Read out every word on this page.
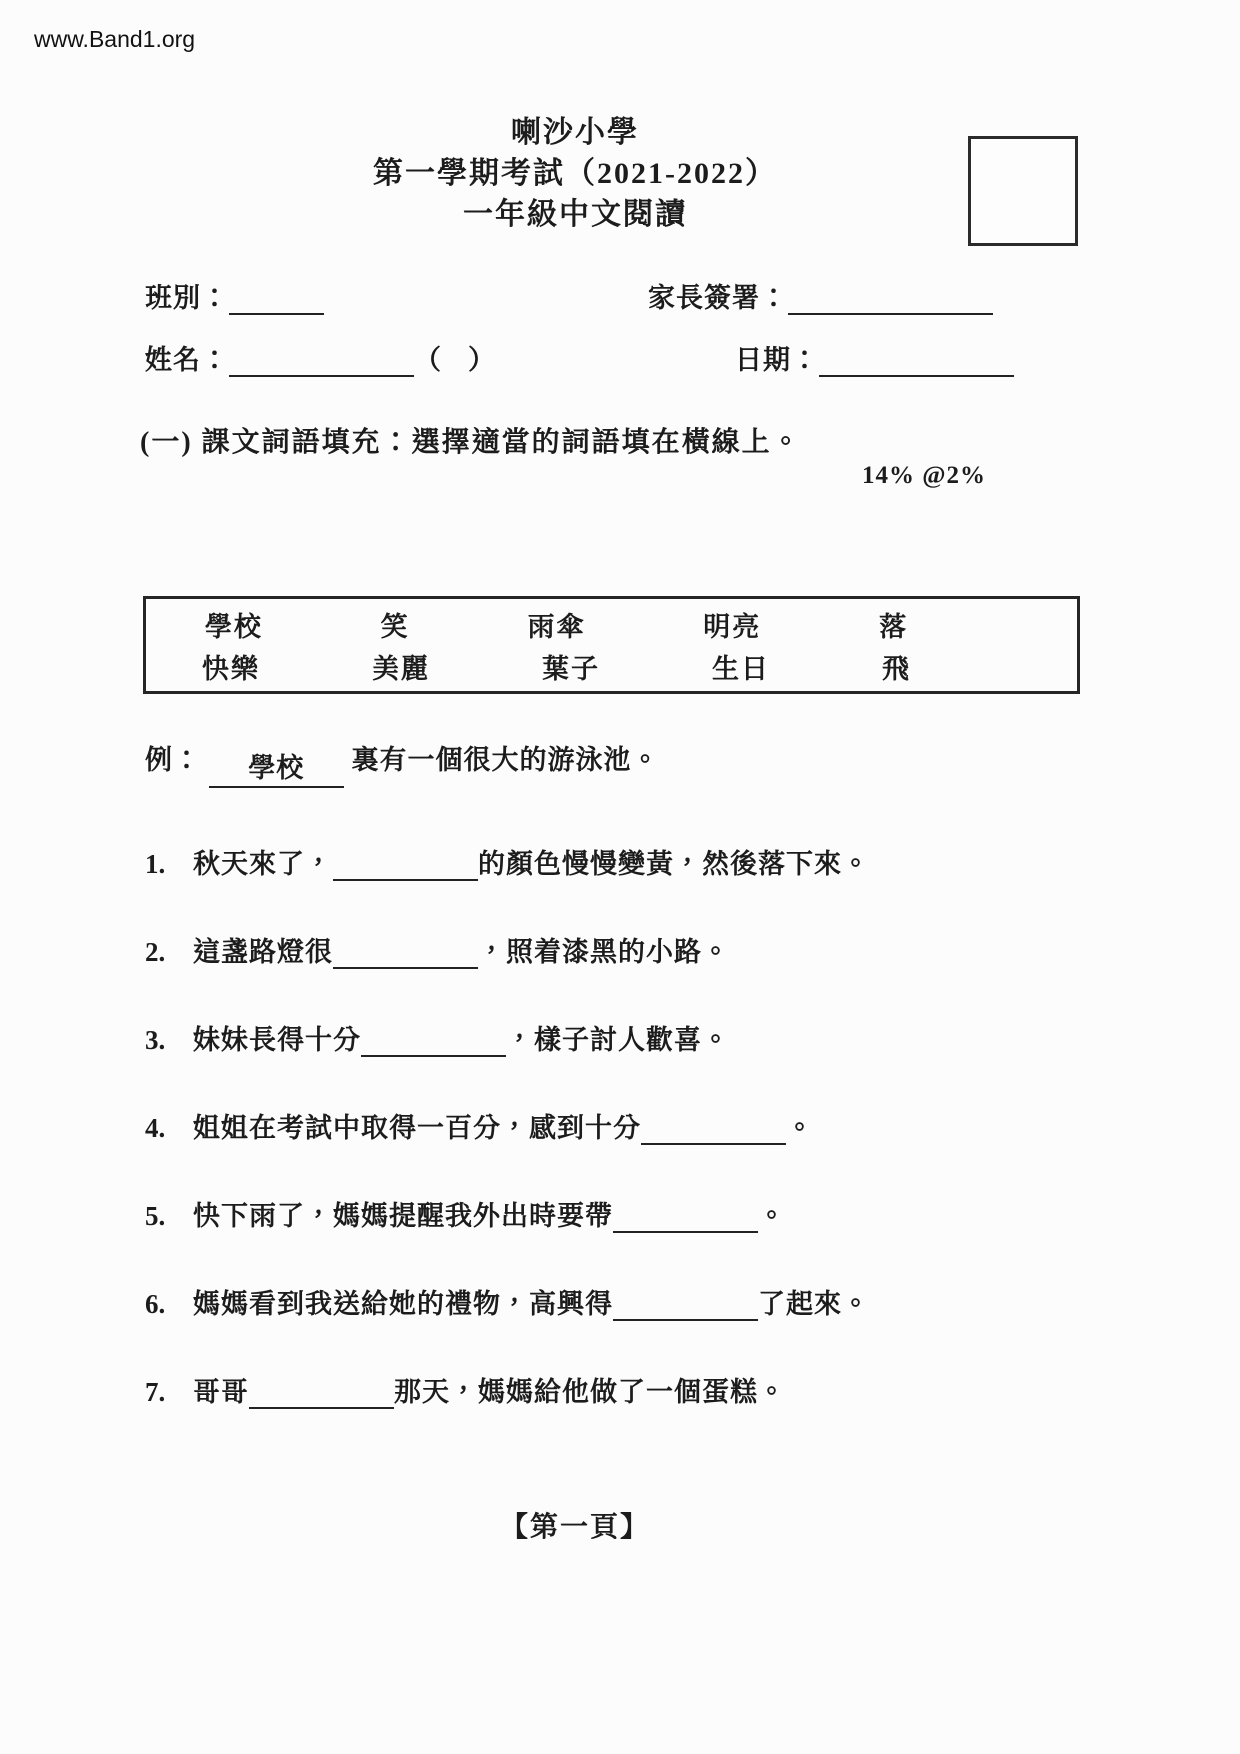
www.Band1.org
喇沙小學
第一學期考試（2021-2022）
一年級中文閱讀
班別：	家長簽署：
姓名：	（　）	日期：
(一) 課文詞語填充：選擇適當的詞語填在橫線上。
14% @2%
學校	笑	雨傘	明亮	落
快樂	美麗	葉子	生日	飛
例： 學校 裏有一個很大的游泳池。
1. 秋天來了，	的顏色慢慢變黃，然後落下來。
2. 這盞路燈很	，照着漆黑的小路。
3. 妹妹長得十分	，樣子討人歡喜。
4. 姐姐在考試中取得一百分，感到十分	。
5. 快下雨了，媽媽提醒我外出時要帶	。
6. 媽媽看到我送給她的禮物，高興得	了起來。
7. 哥哥	那天，媽媽給他做了一個蛋糕。
【第一頁】
